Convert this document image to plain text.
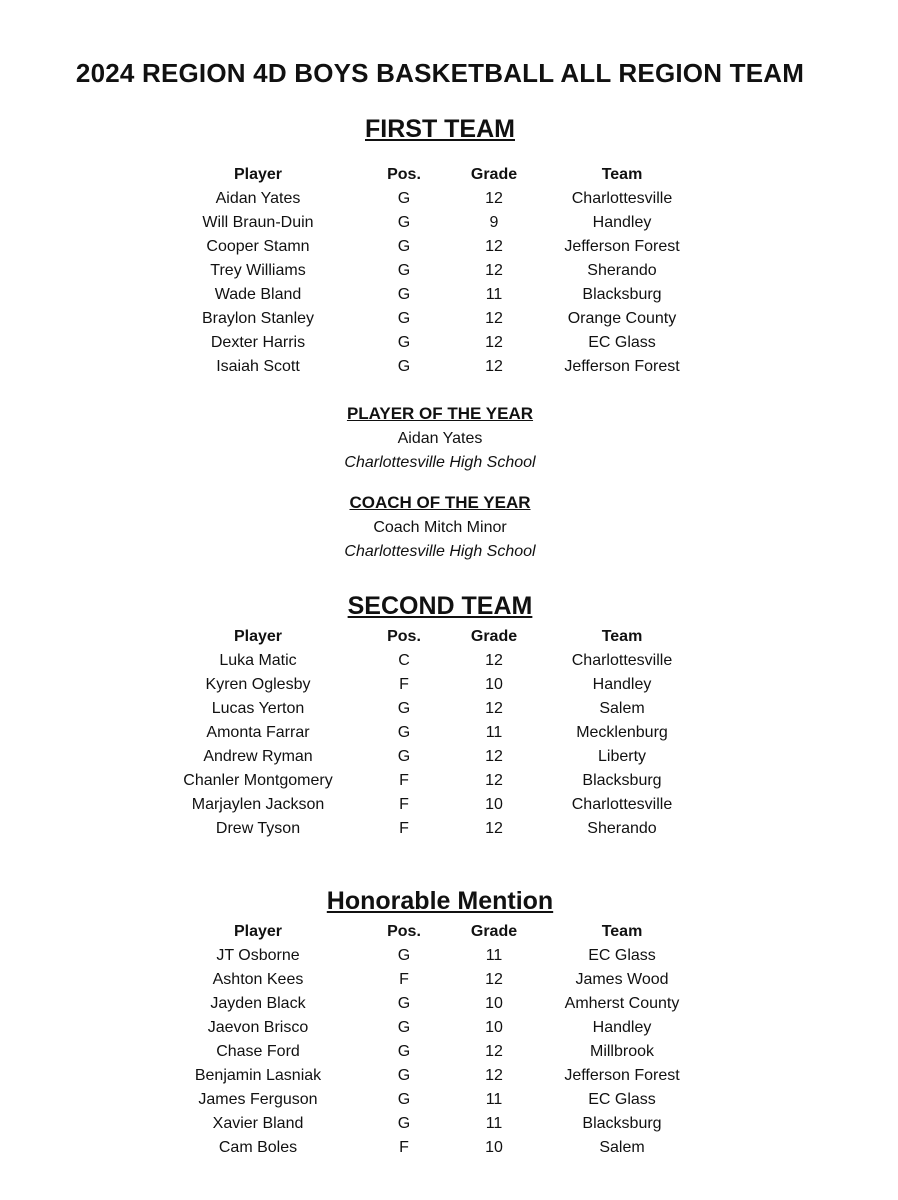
2024 REGION 4D BOYS BASKETBALL ALL REGION TEAM
FIRST TEAM
Player	Pos.	Grade	Team
Aidan Yates	G	12	Charlottesville
Will Braun-Duin	G	9	Handley
Cooper Stamn	G	12	Jefferson Forest
Trey Williams	G	12	Sherando
Wade Bland	G	11	Blacksburg
Braylon Stanley	G	12	Orange County
Dexter Harris	G	12	EC Glass
Isaiah Scott	G	12	Jefferson Forest
PLAYER OF THE YEAR
Aidan Yates
Charlottesville High School
COACH OF THE YEAR
Coach Mitch Minor
Charlottesville High School
SECOND TEAM
Player	Pos.	Grade	Team
Luka Matic	C	12	Charlottesville
Kyren Oglesby	F	10	Handley
Lucas Yerton	G	12	Salem
Amonta Farrar	G	11	Mecklenburg
Andrew Ryman	G	12	Liberty
Chanler Montgomery	F	12	Blacksburg
Marjaylen Jackson	F	10	Charlottesville
Drew Tyson	F	12	Sherando
Honorable Mention
Player	Pos.	Grade	Team
JT Osborne	G	11	EC Glass
Ashton Kees	F	12	James Wood
Jayden Black	G	10	Amherst County
Jaevon Brisco	G	10	Handley
Chase Ford	G	12	Millbrook
Benjamin Lasniak	G	12	Jefferson Forest
James Ferguson	G	11	EC Glass
Xavier Bland	G	11	Blacksburg
Cam Boles	F	10	Salem
